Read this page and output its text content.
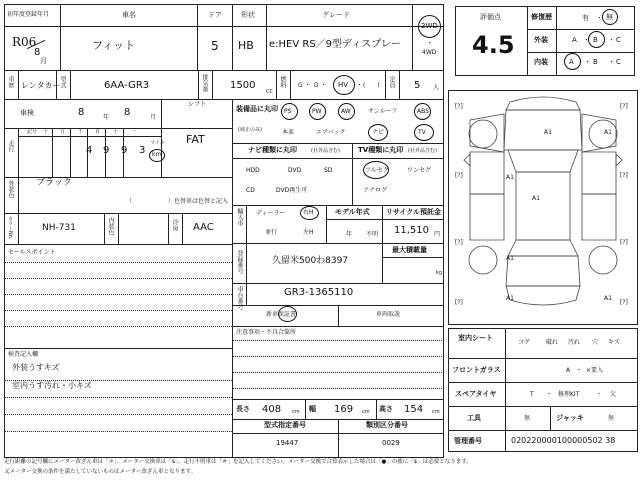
初年度登録年月
R06
8
月
車名
フィット
ドア
5
形状
HB
グレード
e:HEV RS／9型ディスプレー
2WD
･
4WD
車歴 レンタカー
型式	6AA-GR3	排気量 1500
CC
燃料 G ･ D ･ HV ･ (　　) 定員 5 人
車検	8	年 8	月
シフト
FAT
走行
記号 十 万	千 百	十	一
4 9 9 3
マイル
km
外装色 ブラック
（　　　　　　）色替車は色替と記入
カラーNo.	NH-731	内装色	冷房 AAC
セールスポイント
検査記入欄
外装うすキズ
室内うす汚れ・小キズ
装備品に丸印
(純正のみ)
PS	PW	AW	サンルーフ	ABS
本革	エアバック	ナビ	TV
ナビ種類に丸印	(社外品含む)	TV種類に丸印 (社外品含む)
HDD	DVD	SD
CD	DVD再生可
フルセグ	ワンセグ
アナログ
輸入車 ディーラー	右H
並行	左H
モデル年式
年 不明
リサイクル預託金
11,510 円
登録番号	久留米500わ8397
最大積載量
kg
車台番号	GR3-1365110
新車保証書	車両取説
注意事項・不具合箇所
長さ 408 cm 幅 169 cm 高さ 154 cm
型式指定番号
19447
類別区分番号
0029
評価点
4.5
修復歴	有 ・ 無
外装	A ・ B ・ C
内装	A ・ B ・ C
A1	A1
A1
A1
A1	A1
A1
[?]	[?]
[?]	[?]
[?]	[?]
[?]	[?]
室内シート
コゲ	破れ 汚れ 穴 キズ
フロントガラス	A ・ ×要入
スペアタイヤ	T ・ 修理KIT	・ 欠
工具	無	ジャッキ	無
管理番号	020220000100000502 38
走行距離の記号欄にメーター改ざん車は「＊」、メーター交換車は「$」、走行不明車は「＃」を記入してください。メーター交換で合算表示した場合は「●」の後に「$」は必要となります。
又メーター交換の条件を満たしていないものはメーター改ざん車となります。
